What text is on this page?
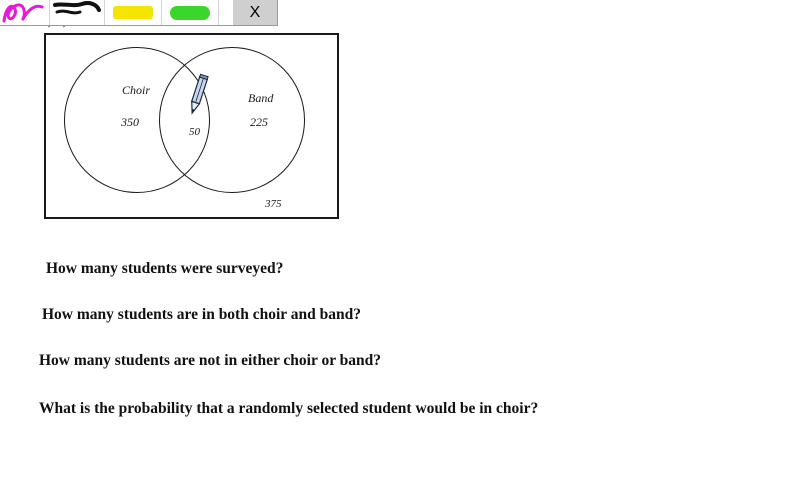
X
Choir
Band
350	225
50
375
How many students were surveyed?
How many students are in both choir and band?
How many students are not in either choir or band?
What is the probability that a randomly selected student would be in choir?
